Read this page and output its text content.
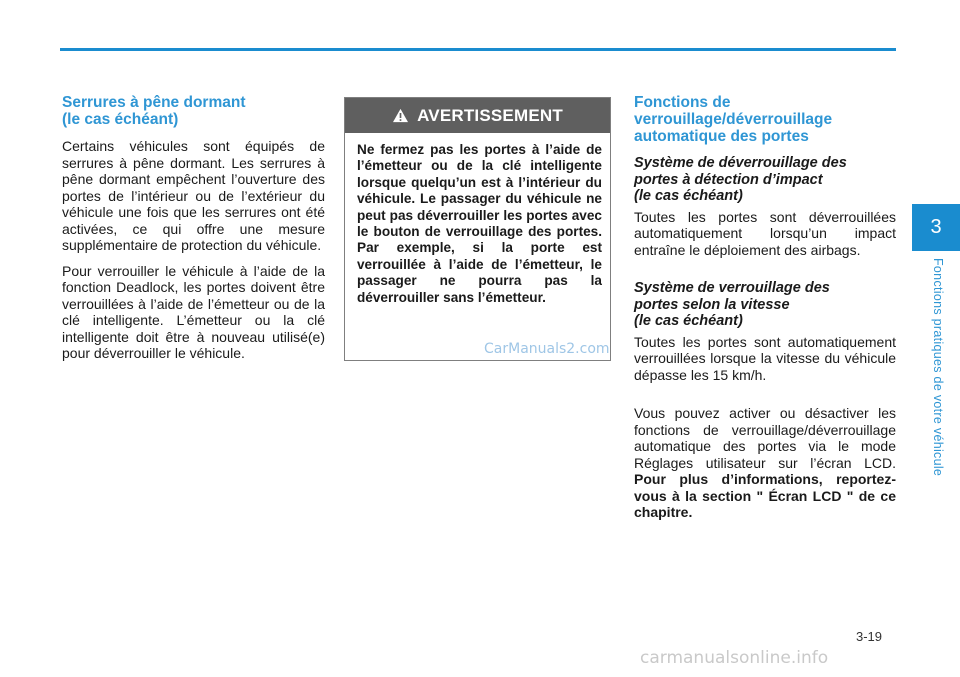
Serrures à pêne dormant
(le cas échéant)

Certains véhicules sont équipés de serrures à pêne dormant. Les serrures à pêne dormant empêchent l’ouverture des portes de l’intérieur ou de l’extérieur du véhicule une fois que les serrures ont été activées, ce qui offre une mesure supplémentaire de protection du véhicule.

Pour verrouiller le véhicule à l’aide de la fonction Deadlock, les portes doivent être verrouillées à l’aide de l’émetteur ou de la clé intelligente. L’émetteur ou la clé intelligente doit être à nouveau utilisé(e) pour déverrouiller le véhicule.

AVERTISSEMENT

Ne fermez pas les portes à l’aide de l’émetteur ou de la clé intelligente lorsque quelqu’un est à l’intérieur du véhicule. Le passager du véhicule ne peut pas déverrouiller les portes avec le bouton de verrouillage des portes. Par exemple, si la porte est verrouillée à l’aide de l’émetteur, le passager ne pourra pas la déverrouiller sans l’émetteur.

CarManuals2.com
Fonctions de
verrouillage/déverrouillage
automatique des portes
Système de déverrouillage des
portes à détection d’impact
(le cas échéant)

Toutes les portes sont déverrouillées automatiquement lorsqu’un impact entraîne le déploiement des airbags.

Système de verrouillage des
portes selon la vitesse
(le cas échéant)

Toutes les portes sont automatiquement verrouillées lorsque la vitesse du véhicule dépasse les 15 km/h.

Vous pouvez activer ou désactiver les fonctions de verrouillage/déverrouillage automatique des portes via le mode Réglages utilisateur sur l’écran LCD. Pour plus d’informations, reportez-vous à la section " Écran LCD " de ce chapitre.

3
Fonctions pratiques de votre véhicule
3-19
carmanualsonline.info
